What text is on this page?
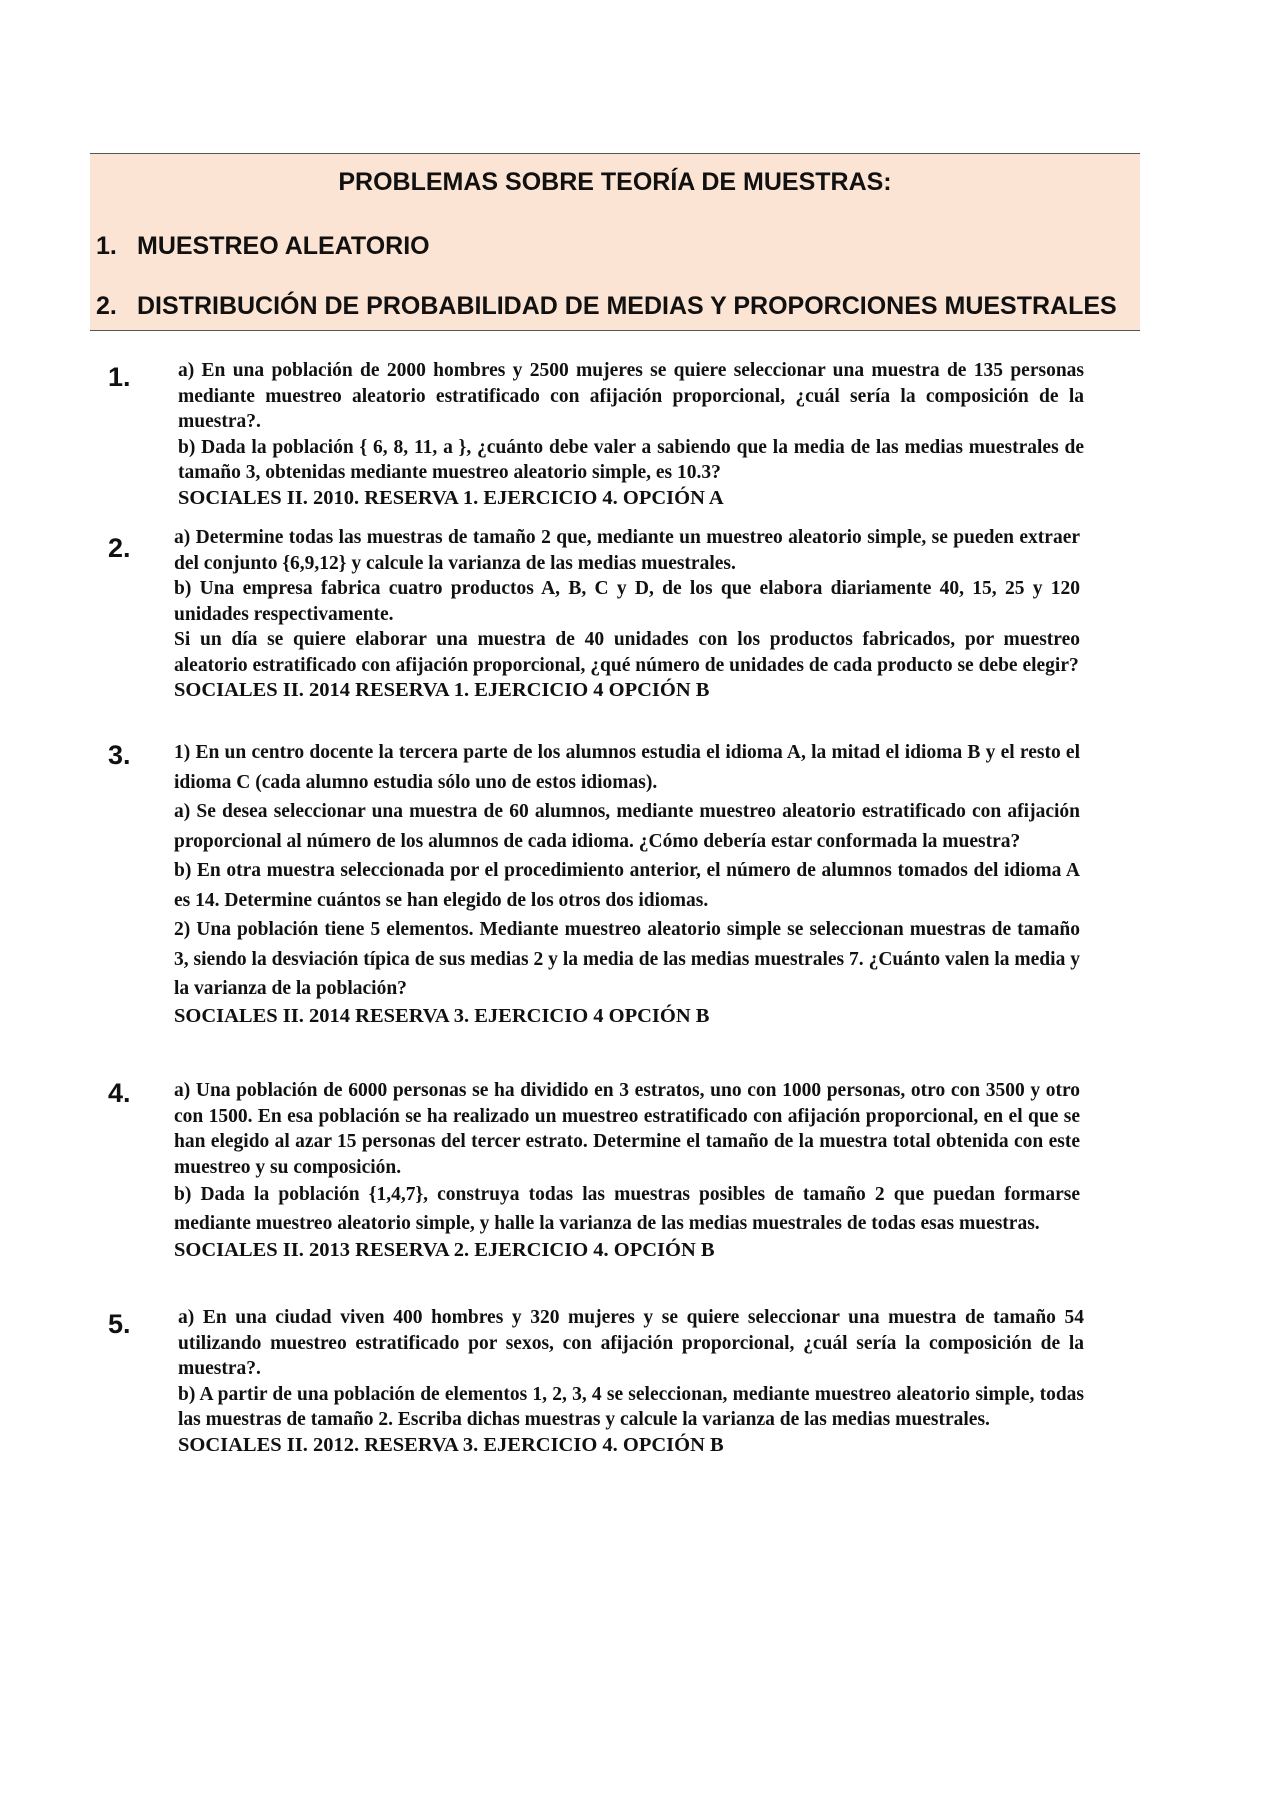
PROBLEMAS SOBRE TEORÍA DE MUESTRAS:
1. MUESTREO ALEATORIO
2. DISTRIBUCIÓN DE PROBABILIDAD DE MEDIAS Y PROPORCIONES MUESTRALES
1. a) En una población de 2000 hombres y 2500 mujeres se quiere seleccionar una muestra de 135 personas mediante muestreo aleatorio estratificado con afijación proporcional, ¿cuál sería la composición de la muestra?.

b) Dada la población { 6, 8, 11, a }, ¿cuánto debe valer a sabiendo que la media de las medias muestrales de tamaño 3, obtenidas mediante muestreo aleatorio simple, es 10.3?

SOCIALES II. 2010. RESERVA 1. EJERCICIO 4. OPCIÓN A

2. a) Determine todas las muestras de tamaño 2 que, mediante un muestreo aleatorio simple, se pueden extraer del conjunto {6,9,12} y calcule la varianza de las medias muestrales.

b) Una empresa fabrica cuatro productos A, B, C y D, de los que elabora diariamente 40, 15, 25 y 120 unidades respectivamente.

Si un día se quiere elaborar una muestra de 40 unidades con los productos fabricados, por muestreo aleatorio estratificado con afijación proporcional, ¿qué número de unidades de cada producto se debe elegir?

SOCIALES II. 2014 RESERVA 1. EJERCICIO 4 OPCIÓN B

3. 1) En un centro docente la tercera parte de los alumnos estudia el idioma A, la mitad el idioma B y el resto el idioma C (cada alumno estudia sólo uno de estos idiomas).

a) Se desea seleccionar una muestra de 60 alumnos, mediante muestreo aleatorio estratificado con afijación proporcional al número de los alumnos de cada idioma. ¿Cómo debería estar conformada la muestra?

b) En otra muestra seleccionada por el procedimiento anterior, el número de alumnos tomados del idioma A es 14. Determine cuántos se han elegido de los otros dos idiomas.

2) Una población tiene 5 elementos. Mediante muestreo aleatorio simple se seleccionan muestras de tamaño 3, siendo la desviación típica de sus medias 2 y la media de las medias muestrales 7. ¿Cuánto valen la media y la varianza de la población?

SOCIALES II. 2014 RESERVA 3. EJERCICIO 4 OPCIÓN B

4. a) Una población de 6000 personas se ha dividido en 3 estratos, uno con 1000 personas, otro con 3500 y otro con 1500. En esa población se ha realizado un muestreo estratificado con afijación proporcional, en el que se han elegido al azar 15 personas del tercer estrato. Determine el tamaño de la muestra total obtenida con este muestreo y su composición.

b) Dada la población {1,4,7}, construya todas las muestras posibles de tamaño 2 que puedan formarse mediante muestreo aleatorio simple, y halle la varianza de las medias muestrales de todas esas muestras.

SOCIALES II. 2013 RESERVA 2. EJERCICIO 4. OPCIÓN B

5. a) En una ciudad viven 400 hombres y 320 mujeres y se quiere seleccionar una muestra de tamaño 54 utilizando muestreo estratificado por sexos, con afijación proporcional, ¿cuál sería la composición de la muestra?.

b) A partir de una población de elementos 1, 2, 3, 4 se seleccionan, mediante muestreo aleatorio simple, todas las muestras de tamaño 2. Escriba dichas muestras y calcule la varianza de las medias muestrales.

SOCIALES II. 2012. RESERVA 3. EJERCICIO 4. OPCIÓN B
